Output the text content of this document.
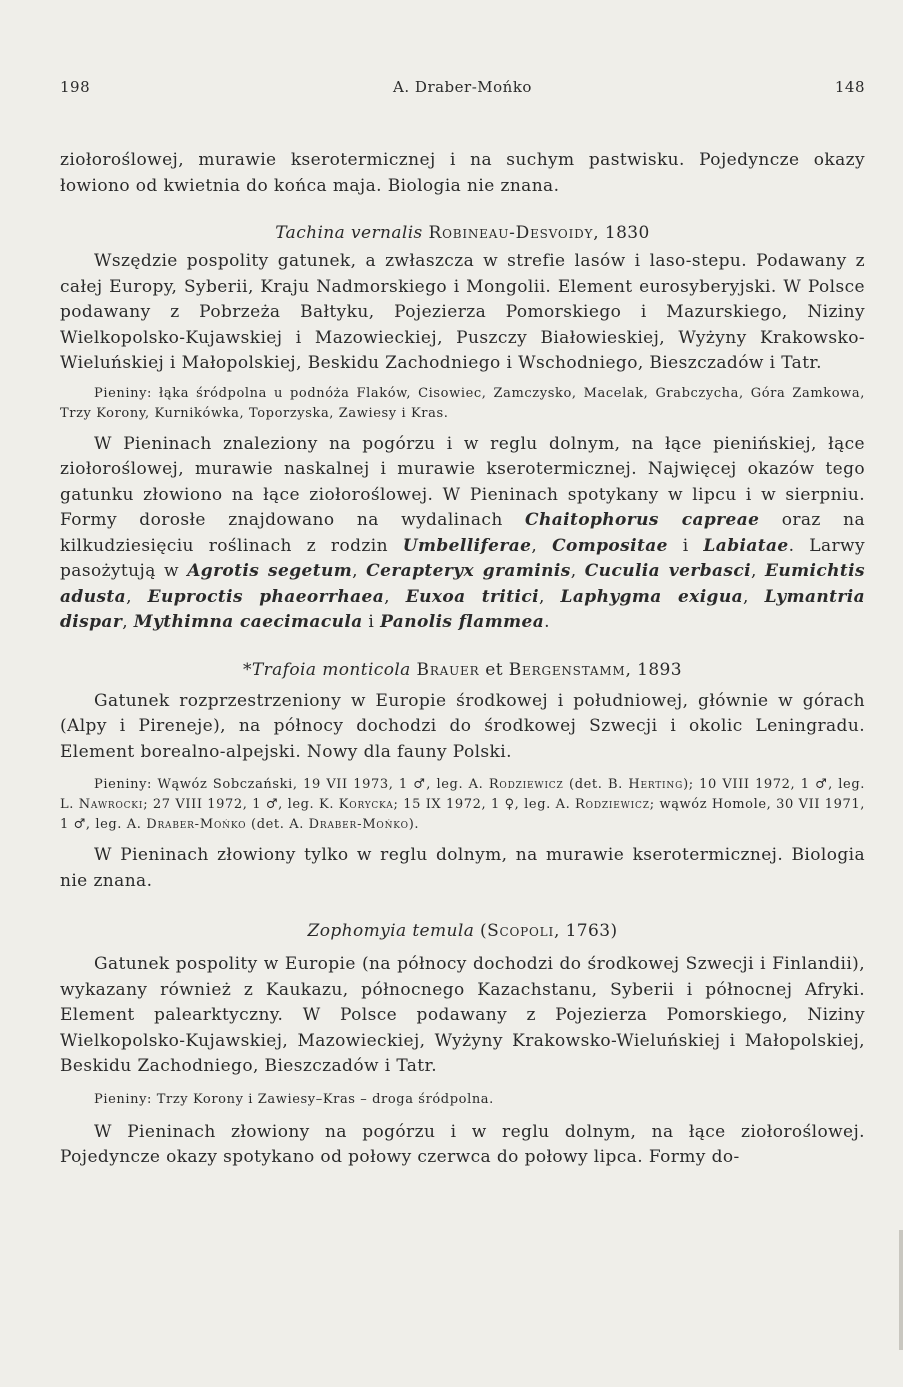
198	A. Draber-Mońko	148

ziołoroślowej, murawie kserotermicznej i na suchym pastwisku. Pojedyncze okazy łowiono od kwietnia do końca maja. Biologia nie znana.

Tachina vernalis Robineau-Desvoidy, 1830

Wszędzie pospolity gatunek, a zwłaszcza w strefie lasów i laso-stepu. Podawany z całej Europy, Syberii, Kraju Nadmorskiego i Mongolii. Element eurosyberyjski. W Polsce podawany z Pobrzeża Bałtyku, Pojezierza Pomorskiego i Mazurskiego, Niziny Wielkopolsko-Kujawskiej i Mazowieckiej, Puszczy Białowieskiej, Wyżyny Krakowsko-Wieluńskiej i Małopolskiej, Beskidu Zachodniego i Wschodniego, Bieszczadów i Tatr.

Pieniny: łąka śródpolna u podnóża Flaków, Cisowiec, Zamczysko, Macelak, Grabczycha, Góra Zamkowa, Trzy Korony, Kurnikówka, Toporzyska, Zawiesy i Kras.

W Pieninach znaleziony na pogórzu i w reglu dolnym, na łące pienińskiej, łące ziołoroślowej, murawie naskalnej i murawie kserotermicznej. Najwięcej okazów tego gatunku złowiono na łące ziołoroślowej. W Pieninach spotykany w lipcu i w sierpniu. Formy dorosłe znajdowano na wydalinach Chaitophorus capreae oraz na kilkudziesięciu roślinach z rodzin Umbelliferae, Compositae i Labiatae. Larwy pasożytują w Agrotis segetum, Cerapteryx graminis, Cuculia verbasci, Eumichtis adusta, Euproctis phaeorrhaea, Euxoa tritici, Laphygma exigua, Lymantria dispar, Mythimna caecimacula i Panolis flammea.

*Trafoia monticola Brauer et Bergenstamm, 1893

Gatunek rozprzestrzeniony w Europie środkowej i południowej, głównie w górach (Alpy i Pireneje), na północy dochodzi do środkowej Szwecji i okolic Leningradu. Element borealno-alpejski. Nowy dla fauny Polski.

Pieniny: Wąwóz Sobczański, 19 VII 1973, 1 ♂, leg. A. Rodziewicz (det. B. Herting); 10 VIII 1972, 1 ♂, leg. L. Nawrocki; 27 VIII 1972, 1 ♂, leg. K. Korycka; 15 IX 1972, 1 ♀, leg. A. Rodziewicz; wąwóz Homole, 30 VII 1971, 1 ♂, leg. A. Draber-Mońko (det. A. Draber-Mońko).

W Pieninach złowiony tylko w reglu dolnym, na murawie kserotermicznej. Biologia nie znana.

Zophomyia temula (Scopoli, 1763)

Gatunek pospolity w Europie (na północy dochodzi do środkowej Szwecji i Finlandii), wykazany również z Kaukazu, północnego Kazachstanu, Syberii i północnej Afryki. Element palearktyczny. W Polsce podawany z Pojezierza Pomorskiego, Niziny Wielkopolsko-Kujawskiej, Mazowieckiej, Wyżyny Krakowsko-Wieluńskiej i Małopolskiej, Beskidu Zachodniego, Bieszczadów i Tatr.

Pieniny: Trzy Korony i Zawiesy–Kras – droga śródpolna.

W Pieninach złowiony na pogórzu i w reglu dolnym, na łące ziołoroślowej. Pojedyncze okazy spotykano od połowy czerwca do połowy lipca. Formy do-
